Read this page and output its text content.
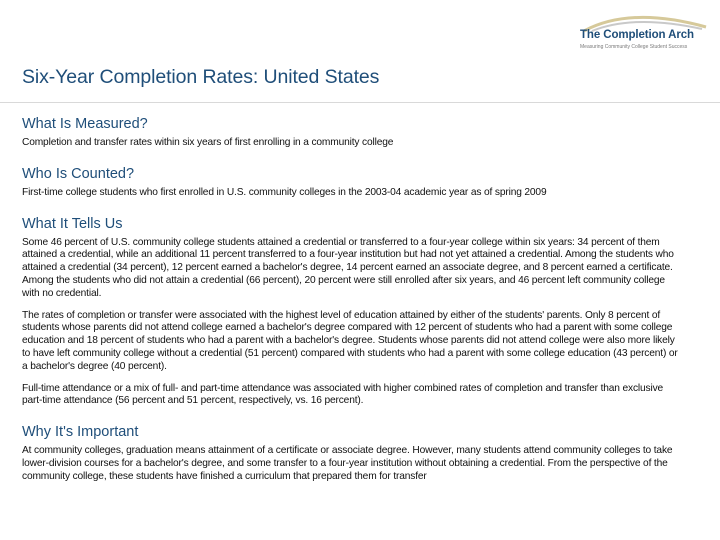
The Completion Arch
Measuring Community College Student Success
Six-Year Completion Rates: United States
What Is Measured?

Completion and transfer rates within six years of first enrolling in a community college

Who Is Counted?

First-time college students who first enrolled in U.S. community colleges in the 2003-04 academic year as of spring 2009

What It Tells Us

Some 46 percent of U.S. community college students attained a credential or transferred to a four-year college within six years: 34 percent of them attained a credential, while an additional 11 percent transferred to a four-year institution but had not yet attained a credential. Among the students who attained a credential (34 percent), 12 percent earned a bachelor's degree, 14 percent earned an associate degree, and 8 percent earned a certificate. Among the students who did not attain a credential (66 percent), 20 percent were still enrolled after six years, and 46 percent left community college with no credential.

The rates of completion or transfer were associated with the highest level of education attained by either of the students' parents. Only 8 percent of students whose parents did not attend college earned a bachelor's degree compared with 12 percent of students who had a parent with some college education and 18 percent of students who had a parent with a bachelor's degree. Students whose parents did not attend college were also more likely to have left community college without a credential (51 percent) compared with students who had a parent with some college education (43 percent) or a bachelor's degree (40 percent).

Full-time attendance or a mix of full- and part-time attendance was associated with higher combined rates of completion and transfer than exclusive part-time attendance (56 percent and 51 percent, respectively, vs. 16 percent).

Why It's Important

At community colleges, graduation means attainment of a certificate or associate degree. However, many students attend community colleges to take lower-division courses for a bachelor's degree, and some transfer to a four-year institution without obtaining a credential. From the perspective of the community college, these students have finished a curriculum that prepared them for transfer
